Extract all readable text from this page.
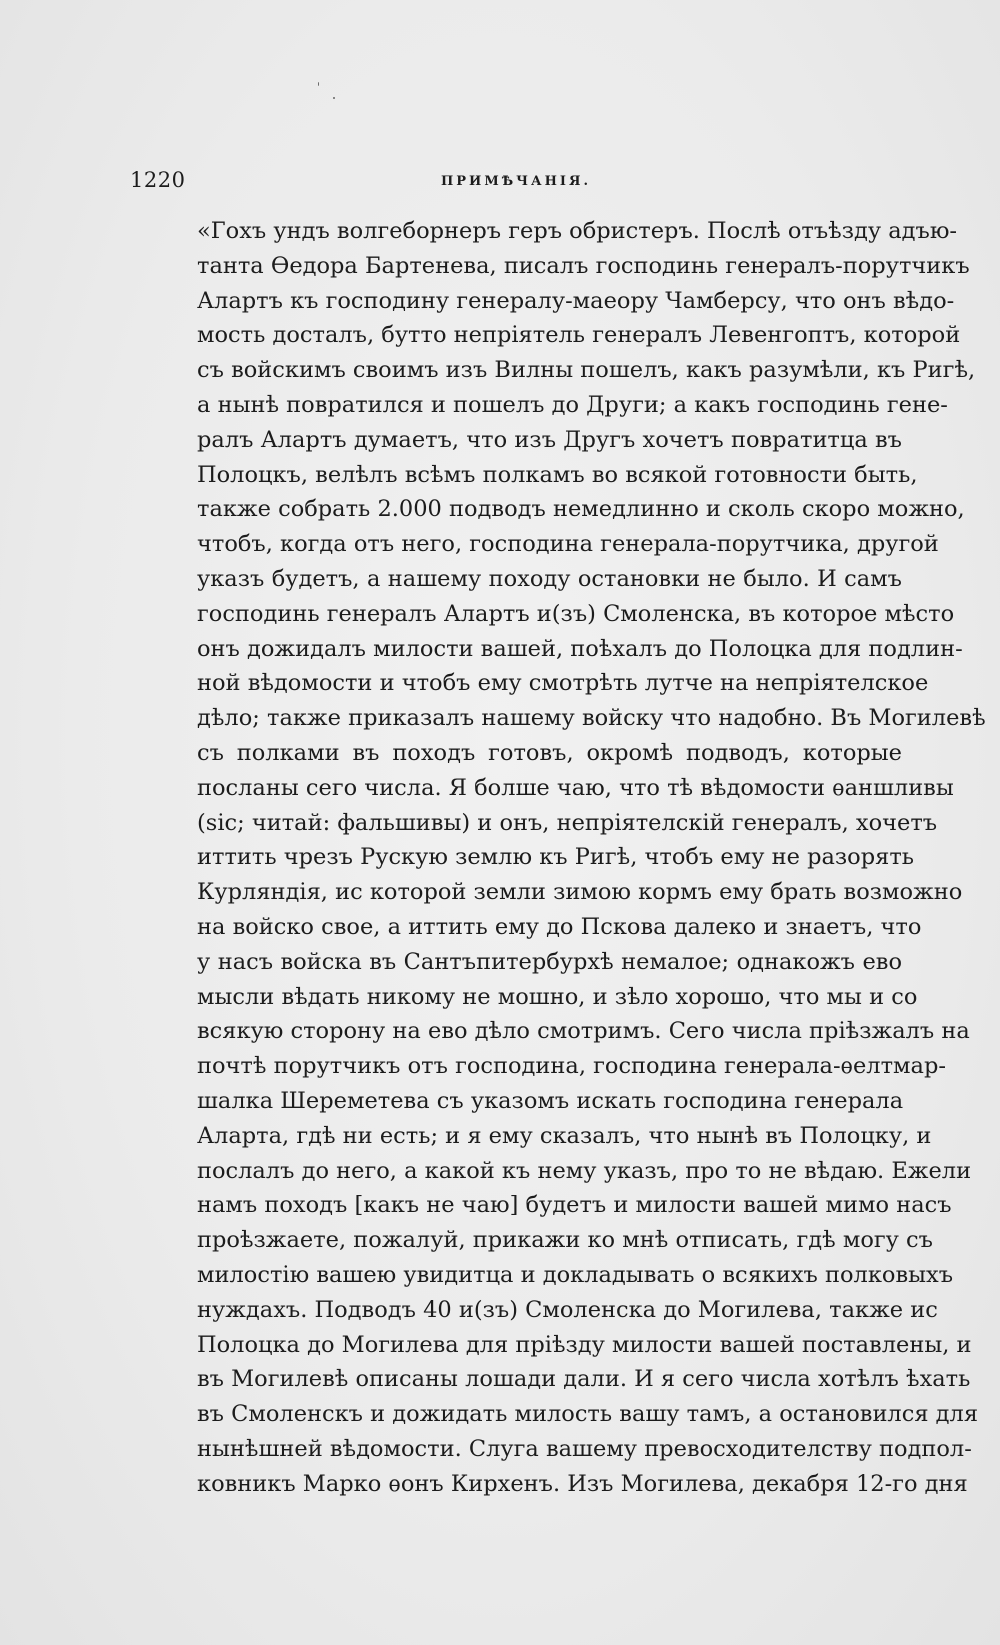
1220	ПРИМѢЧАНІЯ.
«Гохъ ундъ волгеборнеръ геръ обристеръ. Послѣ отъѣзду адъю-
танта Ѳедора Бартенева, писалъ господинь генералъ-порутчикъ
Алартъ къ господину генералу-маеору Чамберсу, что онъ вѣдо-
мость досталъ, бутто непріятель генералъ Левенгоптъ, которой
съ войскимъ своимъ изъ Вилны пошелъ, какъ разумѣли, къ Ригѣ,
а нынѣ повратился и пошелъ до Други; а какъ господинь гене-
ралъ Алартъ думаетъ, что изъ Другъ хочетъ повратитца въ
Полоцкъ, велѣлъ всѣмъ полкамъ во всякой готовности быть,
также собрать 2.000 подводъ немедлинно и сколь скоро можно,
чтобъ, когда отъ него, господина генерала-порутчика, другой
указъ будетъ, а нашему походу остановки не было. И самъ
господинь генералъ Алартъ и(зъ) Смоленска, въ которое мѣсто
онъ дожидалъ милости вашей, поѣхалъ до Полоцка для подлин-
ной вѣдомости и чтобъ ему смотрѣть лутче на непріятелское
дѣло; также приказалъ нашему войску что надобно. Въ Могилевѣ
съ полками въ походъ готовъ, окромѣ подводъ, которые
посланы сего числа. Я болше чаю, что тѣ вѣдомости ѳаншливы
(sic; читай: фальшивы) и онъ, непріятелскій генералъ, хочетъ
иттить чрезъ Рускую землю къ Ригѣ, чтобъ ему не разорять
Курляндія, ис которой земли зимою кормъ ему брать возможно
на войско свое, а иттить ему до Пскова далеко и знаетъ, что
у насъ войска въ Сантъпитербурхѣ немалое; однакожъ ево
мысли вѣдать никому не мошно, и зѣло хорошо, что мы и со
всякую сторону на ево дѣло смотримъ. Сего числа пріѣзжалъ на
почтѣ порутчикъ отъ господина, господина генерала-ѳелтмар-
шалка Шереметева съ указомъ искать господина генерала
Аларта, гдѣ ни есть; и я ему сказалъ, что нынѣ въ Полоцку, и
послалъ до него, а какой къ нему указъ, про то не вѣдаю. Ежели
намъ походъ [какъ не чаю] будетъ и милости вашей мимо насъ
проѣзжаете, пожалуй, прикажи ко мнѣ отписать, гдѣ могу съ
милостію вашею увидитца и докладывать о всякихъ полковыхъ
нуждахъ. Подводъ 40 и(зъ) Смоленска до Могилева, также ис
Полоцка до Могилева для пріѣзду милости вашей поставлены, и
въ Могилевѣ описаны лошади дали. И я сего числа хотѣлъ ѣхать
въ Смоленскъ и дожидать милость вашу тамъ, а остановился для
нынѣшней вѣдомости. Слуга вашему превосходителству подпол-
ковникъ Марко ѳонъ Кирхенъ. Изъ Могилева, декабря 12-го дня
